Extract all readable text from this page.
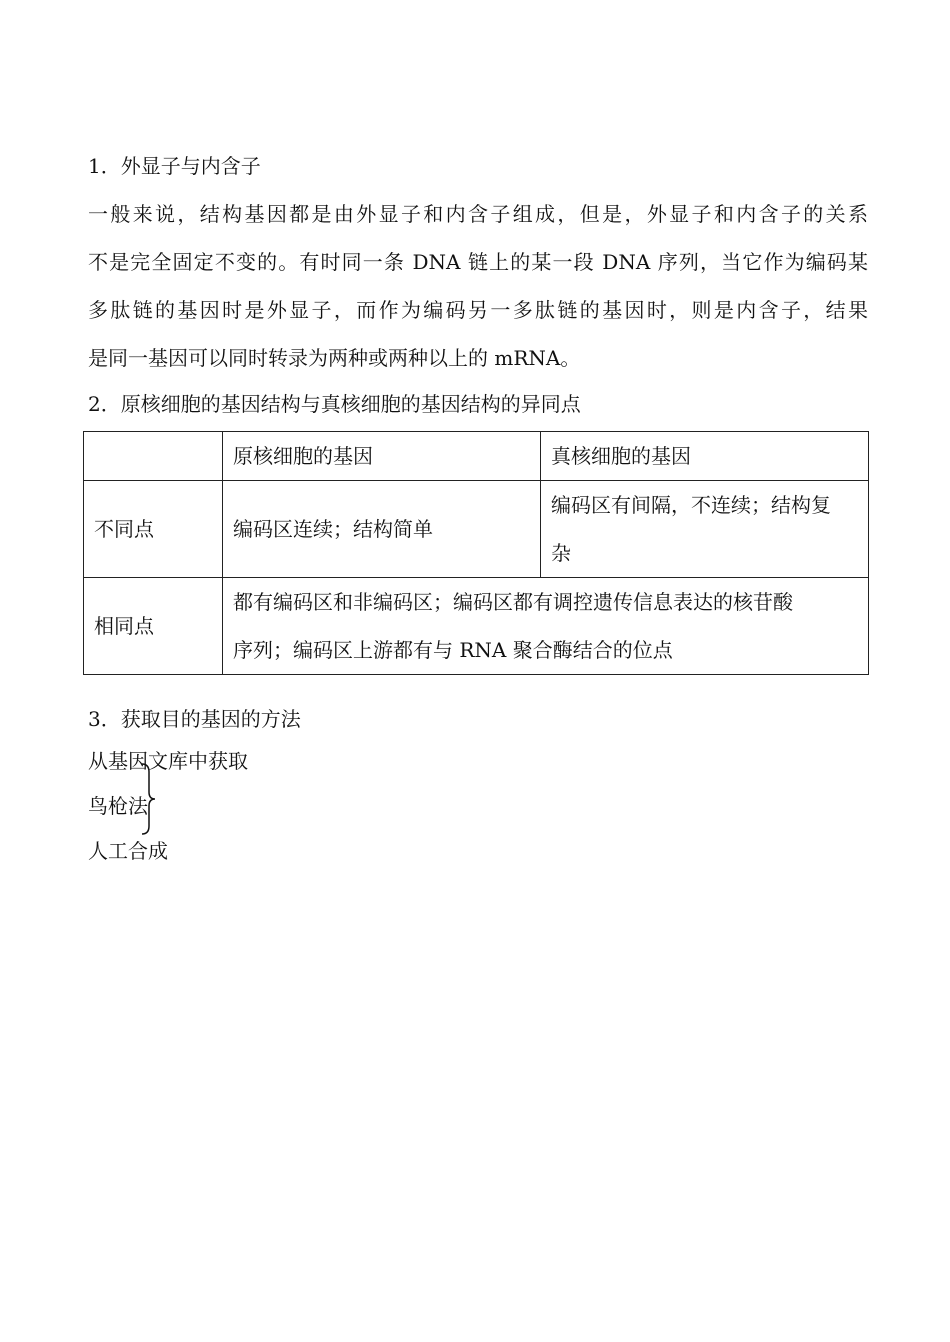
1．外显子与内含子
一般来说，结构基因都是由外显子和内含子组成，但是，外显子和内含子的关系
不是完全固定不变的。有时同一条 DNA 链上的某一段 DNA 序列，当它作为编码某
多肽链的基因时是外显子，而作为编码另一多肽链的基因时，则是内含子，结果
是同一基因可以同时转录为两种或两种以上的 mRNA。
2．原核细胞的基因结构与真核细胞的基因结构的异同点
	原核细胞的基因	真核细胞的基因
不同点	编码区连续；结构简单	编码区有间隔，不连续；结构复
杂

相同点	都有编码区和非编码区；编码区都有调控遗传信息表达的核苷酸
序列；编码区上游都有与 RNA 聚合酶结合的位点	
3．获取目的基因的方法
从基因文库中获取
鸟枪法
人工合成
